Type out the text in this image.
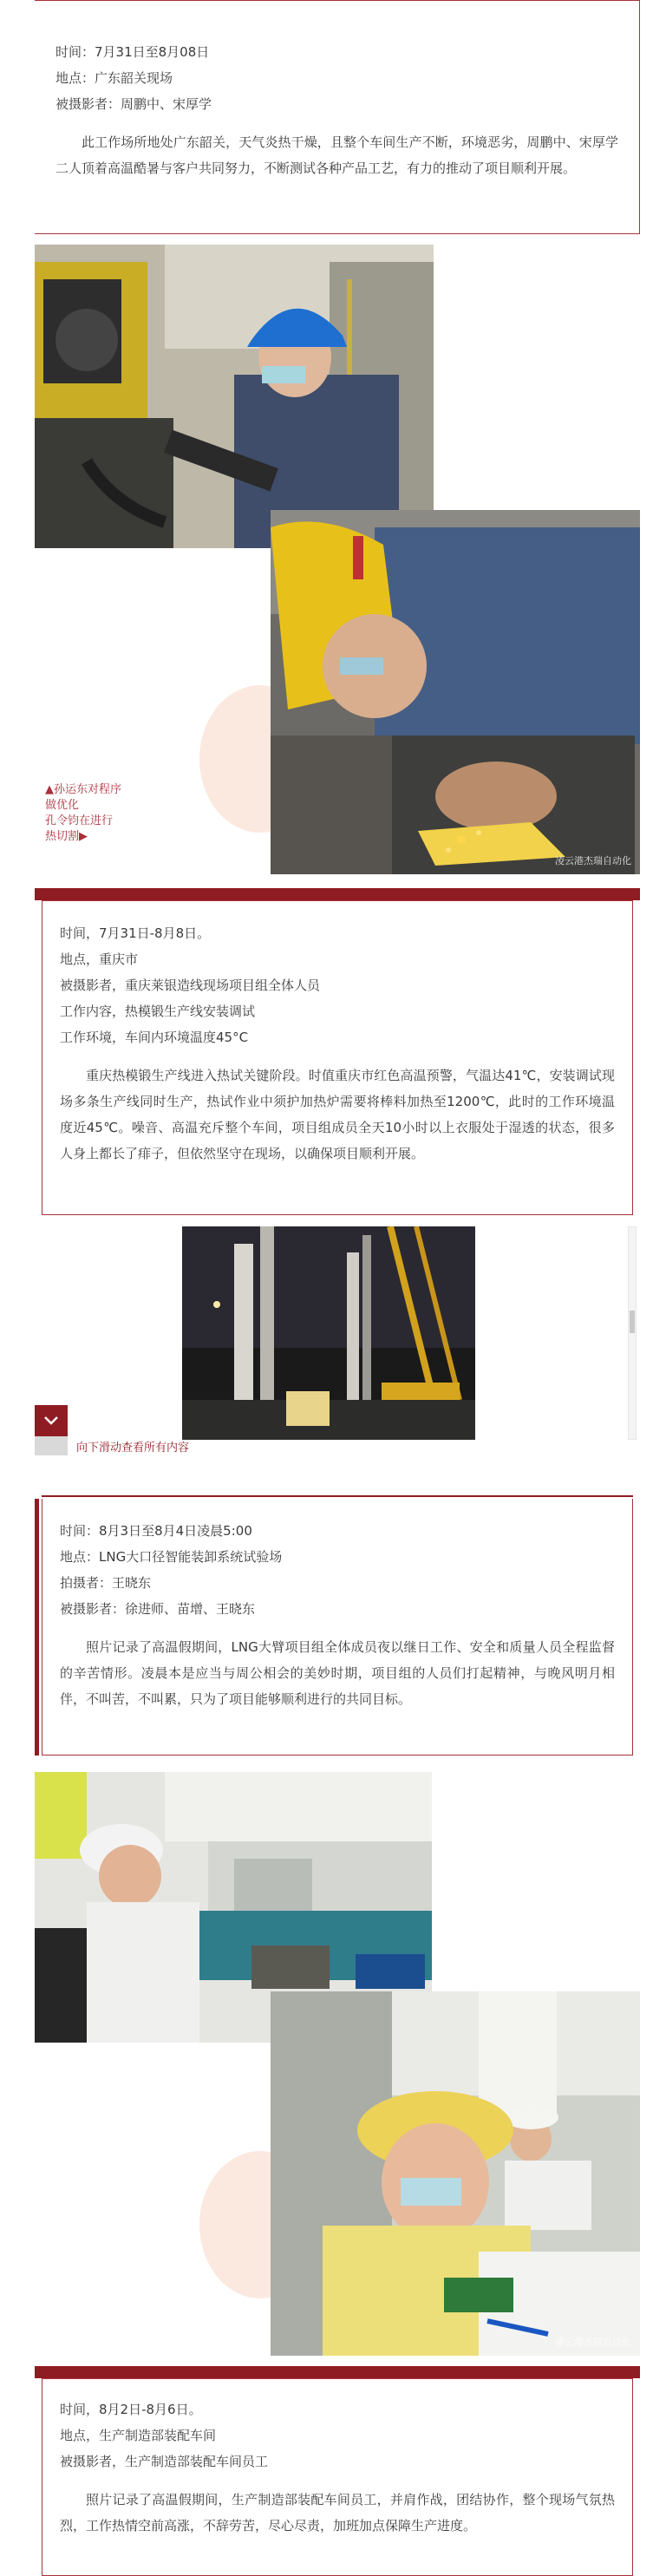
时间：7月31日至8月08日

地点：广东韶关现场

被摄影者：周鹏中、宋厚学

此工作场所地处广东韶关，天气炎热干燥，且整个车间生产不断，环境恶劣，周鹏中、宋厚学二人顶着高温酷暑与客户共同努力，不断测试各种产品工艺，有力的推动了项目顺利开展。

凌云港杰瑞自动化
▲孙运东对程序
做优化
孔令钧在进行
热切割▶

时间，7月31日-8月8日。

地点，重庆市

被摄影者，重庆莱银造线现场项目组全体人员

工作内容，热模锻生产线安装调试

工作环境，车间内环境温度45°C

重庆热模锻生产线进入热试关键阶段。时值重庆市红色高温预警，气温达41℃，安装调试现场多条生产线同时生产，热试作业中须护加热炉需要将棒料加热至1200℃，此时的工作环境温度近45℃。噪音、高温充斥整个车间，项目组成员全天10小时以上衣服处于湿透的状态，很多人身上都长了痱子，但依然坚守在现场，以确保项目顺利开展。

向下滑动查看所有内容

时间：8月3日至8月4日凌晨5:00

地点：LNG大口径智能装卸系统试验场

拍摄者：王晓东

被摄影者：徐进师、苗增、王晓东

照片记录了高温假期间，LNG大臂项目组全体成员夜以继日工作、安全和质量人员全程监督的辛苦情形。凌晨本是应当与周公相会的美妙时期，项目组的人员们打起精神，与晚风明月相伴，不叫苦，不叫累，只为了项目能够顺利进行的共同目标。

凌云港杰瑞自动化

时间，8月2日-8月6日。

地点，生产制造部装配车间

被摄影者，生产制造部装配车间员工

照片记录了高温假期间，生产制造部装配车间员工，并肩作战，团结协作，整个现场气氛热烈，工作热情空前高涨，不辞劳苦，尽心尽责，加班加点保障生产进度。
